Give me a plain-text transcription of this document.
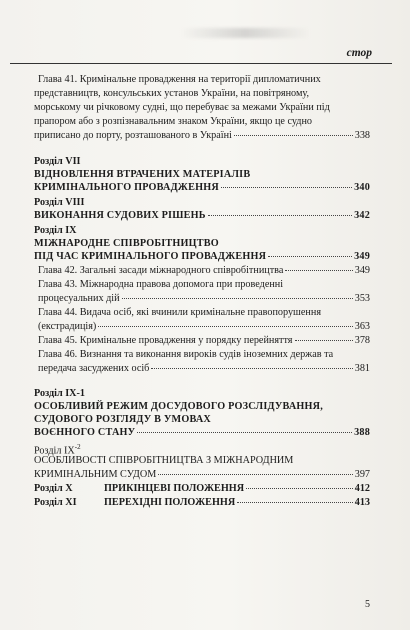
стор
Глава 41. Кримінальне провадження на території дипломатичних
представництв, консульських установ України, на повітряному,
морському чи річковому судні, що перебуває за межами України під
прапором або з розпізнавальним знаком України, якщо це судно
приписано до порту, розташованого в Україні	338
Розділ VII
ВІДНОВЛЕННЯ ВТРАЧЕНИХ МАТЕРІАЛІВ
КРИМІНАЛЬНОГО ПРОВАДЖЕННЯ	340
Розділ VIII
ВИКОНАННЯ СУДОВИХ РІШЕНЬ	342
Розділ IX
МІЖНАРОДНЕ СПІВРОБІТНИЦТВО
ПІД ЧАС КРИМІНАЛЬНОГО ПРОВАДЖЕННЯ	349
Глава 42. Загальні засади міжнародного співробітництва	349
Глава 43. Міжнародна правова допомога при проведенні
процесуальних дій	353
Глава 44. Видача осіб, які вчинили кримінальне правопорушення
(екстрадиція)	363
Глава 45. Кримінальне провадження у порядку перейняття	378
Глава 46. Визнання та виконання вироків судів іноземних держав та
передача засуджених осіб	381
Розділ IX-1
ОСОБЛИВИЙ РЕЖИМ ДОСУДОВОГО РОЗСЛІДУВАННЯ,
СУДОВОГО РОЗГЛЯДУ В УМОВАХ
ВОЄННОГО СТАНУ	388
Розділ $IX^{-2}$
ОСОБЛИВОСТІ СПІВРОБІТНИЦТВА З МІЖНАРОДНИМ
КРИМІНАЛЬНИМ СУДОМ	397
Розділ X	ПРИКІНЦЕВІ ПОЛОЖЕННЯ	412
Розділ XI	ПЕРЕХІДНІ ПОЛОЖЕННЯ	413
5
